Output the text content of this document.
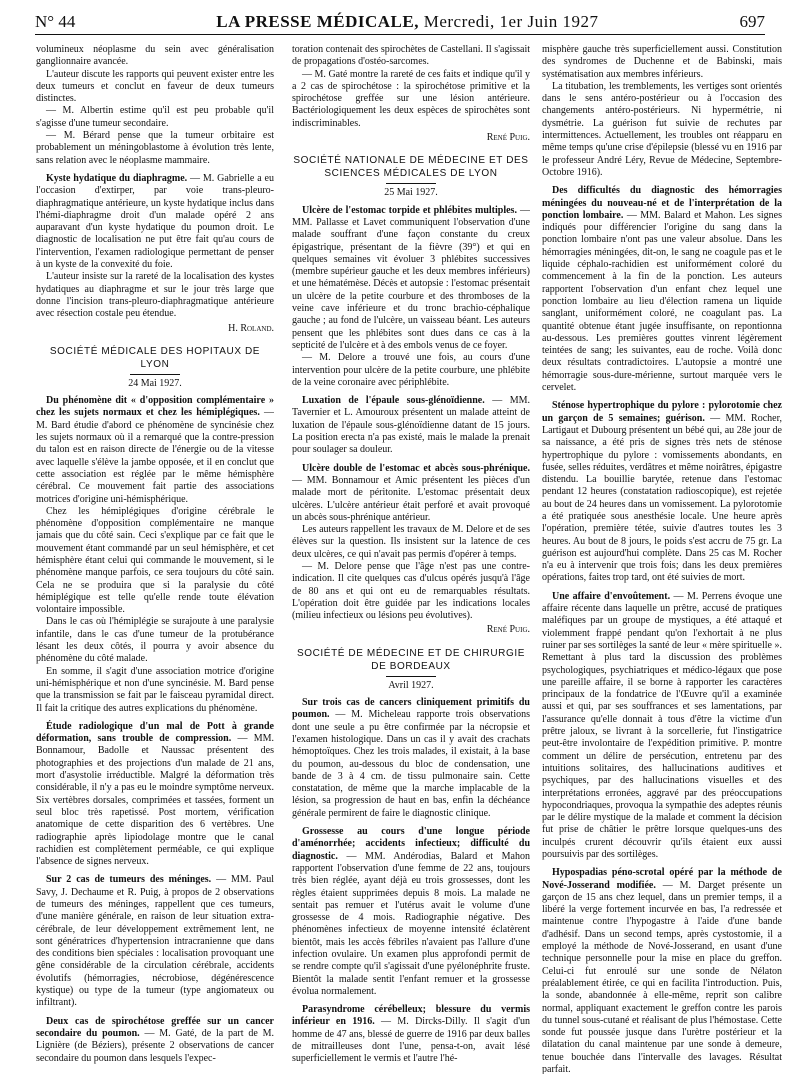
N° 44	LA PRESSE MÉDICALE, Mercredi, 1er Juin 1927	697

volumineux néoplasme du sein avec généralisation ganglionnaire avancée.

L'auteur discute les rapports qui peuvent exister entre les deux tumeurs et conclut en faveur de deux tumeurs distinctes.

— M. Albertin estime qu'il est peu probable qu'il s'agisse d'une tumeur secondaire.

— M. Bérard pense que la tumeur orbitaire est probablement un méningoblastome à évolution très lente, sans relation avec le néoplasme mammaire.

Kyste hydatique du diaphragme. — M. Gabrielle a eu l'occasion d'extirper, par voie trans-pleuro-diaphragmatique antérieure, un kyste hydatique inclus dans l'hémi-diaphragme droit d'un malade opéré 2 ans auparavant d'un kyste hydatique du poumon droit. Le diagnostic de localisation ne put être fait qu'au cours de l'intervention, l'examen radiologique permettant de penser à un kyste de la convexité du foie.

L'auteur insiste sur la rareté de la localisation des kystes hydatiques au diaphragme et sur le jour très large que donne l'incision trans-pleuro-diaphragmatique antérieure avec résection costale peu étendue.

H. Roland.

SOCIÉTÉ MÉDICALE DES HOPITAUX DE LYON
24 Mai 1927.

Du phénomène dit « d'opposition complémentaire » chez les sujets normaux et chez les hémiplégiques. — M. Bard étudie d'abord ce phénomène de syncinésie chez les sujets normaux où il a remarqué que la contre-pression du talon est en raison directe de l'énergie ou de la vitesse avec laquelle s'élève la jambe opposée, et il en conclut que cette association est réglée par le même hémisphère cérébral. Ce mouvement fait partie des associations motrices d'origine uni-hémisphérique.

Chez les hémiplégiques d'origine cérébrale le phénomène d'opposition complémentaire ne manque jamais que du côté sain. Ceci s'explique par ce fait que le mouvement étant commandé par un seul hémisphère, et cet hémisphère étant celui qui commande le mouvement, si le phénomène manque parfois, ce sera toujours du côté sain. Cela ne se produira que si la paralysie du côté hémiplégique est telle qu'elle rende toute élévation volontaire impossible.

Dans le cas où l'hémiplégie se surajoute à une paralysie infantile, dans le cas d'une tumeur de la protubérance lésant les deux côtés, il pourra y avoir absence du phénomène du côté malade.

En somme, il s'agit d'une association motrice d'origine uni-hémisphérique et non d'une syncinésie. M. Bard pense que la transmission se fait par le faisceau pyramidal direct. Il fait la critique des autres explications du phénomène.

Étude radiologique d'un mal de Pott à grande déformation, sans trouble de compression. — MM. Bonnamour, Badolle et Naussac présentent des photographies et des projections d'un malade de 21 ans, mort d'asystolie irréductible. Malgré la déformation très considérable, il n'y a pas eu le moindre symptôme nerveux. Six vertèbres dorsales, comprimées et tassées, forment un seul bloc très rapetissé. Post mortem, vérification anatomique de cette disparition des 6 vertèbres. Une radiographie après lipiodolage montre que le canal rachidien est complètement perméable, ce qui explique l'absence de signes nerveux.

Sur 2 cas de tumeurs des méninges. — MM. Paul Savy, J. Dechaume et R. Puig, à propos de 2 observations de tumeurs des méninges, rappellent que ces tumeurs, d'une manière générale, en raison de leur situation extra-cérébrale, de leur développement extrêmement lent, ne sont génératrices d'hypertension intracranienne que dans des conditions bien spéciales : localisation provoquant une gêne considérable de la circulation cérébrale, accidents évolutifs (hémorragies, nécrobiose, dégénérescence kystique) ou type de la tumeur (type angiomateux ou infiltrant).

Deux cas de spirochétose greffée sur un cancer secondaire du poumon. — M. Gaté, de la part de M. Lignière (de Béziers), présente 2 observations de cancer secondaire du poumon dans lesquels l'expec-

toration contenait des spirochètes de Castellani. Il s'agissait de propagations d'ostéo-sarcomes.

— M. Gaté montre la rareté de ces faits et indique qu'il y a 2 cas de spirochétose : la spirochétose primitive et la spirochétose greffée sur une lésion antérieure. Bactériologiquement les deux espèces de spirochètes sont indiscriminables.

René Puig.

SOCIÉTÉ NATIONALE DE MÉDECINE ET DES SCIENCES MÉDICALES DE LYON
25 Mai 1927.

Ulcère de l'estomac torpide et phlébites multiples. — MM. Pallasse et Lavet communiquent l'observation d'une malade souffrant d'une façon constante du creux épigastrique, présentant de la fièvre (39°) et qui en quelques semaines vit évoluer 3 phlébites successives (membre supérieur gauche et les deux membres inférieurs) et une hématémèse. Décès et autopsie : l'estomac présentait un ulcère de la petite courbure et des thromboses de la veine cave inférieure et du tronc brachio-céphalique gauche ; au fond de l'ulcère, un vaisseau béant. Les auteurs pensent que les phlébites sont dues dans ce cas à la septicité de l'ulcère et à des embols venus de ce foyer.

— M. Delore a trouvé une fois, au cours d'une intervention pour ulcère de la petite courbure, une phlébite de la veine coronaire avec périphlébite.

Luxation de l'épaule sous-glénoïdienne. — MM. Tavernier et L. Amouroux présentent un malade atteint de luxation de l'épaule sous-glénoïdienne datant de 15 jours. La position erecta n'a pas existé, mais le malade la prenait pour soulager sa douleur.

Ulcère double de l'estomac et abcès sous-phrénique. — MM. Bonnamour et Amic présentent les pièces d'un malade mort de péritonite. L'estomac présentait deux ulcères. L'ulcère antérieur était perforé et avait provoqué un abcès sous-phrénique antérieur.

Les auteurs rappellent les travaux de M. Delore et de ses élèves sur la question. Ils insistent sur la latence de ces deux ulcères, ce qui n'avait pas permis d'opérer à temps.

— M. Delore pense que l'âge n'est pas une contre-indication. Il cite quelques cas d'ulcus opérés jusqu'à l'âge de 80 ans et qui ont eu de remarquables résultats. L'opération doit être guidée par les indications locales (milieu infectieux ou lésions peu évolutives).

René Puig.

SOCIÉTÉ DE MÉDECINE ET DE CHIRURGIE DE BORDEAUX
Avril 1927.

Sur trois cas de cancers cliniquement primitifs du poumon. — M. Micheleau rapporte trois observations dont une seule a pu être confirmée par la nécropsie et l'examen histologique. Dans un cas il y avait des crachats hémoptoïques. Chez les trois malades, il existait, à la base du poumon, au-dessous du bloc de condensation, une bande de 3 à 4 cm. de tissu pulmonaire sain. Cette constatation, de même que la marche implacable de la lésion, sa progression de haut en bas, enfin la déchéance générale permirent de faire le diagnostic clinique.

Grossesse au cours d'une longue période d'aménorrhée; accidents infectieux; difficulté du diagnostic. — MM. Andérodias, Balard et Mahon rapportent l'observation d'une femme de 22 ans, toujours très bien réglée, ayant déjà eu trois grossesses, dont les règles étaient supprimées depuis 8 mois. La malade ne sentait pas remuer et l'utérus avait le volume d'une grossesse de 4 mois. Radiographie négative. Des phénomènes infectieux de moyenne intensité éclatèrent bientôt, mais les accès fébriles n'avaient pas l'allure d'une infection ovulaire. Un examen plus approfondi permit de se rendre compte qu'il s'agissait d'une pyélonéphrite fruste. Bientôt la malade sentit l'enfant remuer et la grossesse évolua normalement.

Parasyndrome cérébelleux; blessure du vermis inférieur en 1916. — M. Dircks-Dilly. Il s'agit d'un homme de 47 ans, blessé de guerre de 1916 par deux balles de mitrailleuses dont l'une, pensa-t-on, avait lésé superficiellement le vermis et l'autre l'hé-

misphère gauche très superficiellement aussi. Constitution des syndromes de Duchenne et de Babinski, mais systématisation aux membres inférieurs.

La titubation, les tremblements, les vertiges sont orientés dans le sens antéro-postérieur ou à l'occasion des changements antéro-postérieurs. Ni hypermétrie, ni dysmétrie. La guérison fut suivie de rechutes par intermittences. Actuellement, les troubles ont réapparu en même temps qu'une crise d'épilepsie (blessé vu en 1916 par le professeur André Léry, Revue de Médecine, Septembre-Octobre 1916).

Des difficultés du diagnostic des hémorragies méningées du nouveau-né et de l'interprétation de la ponction lombaire. — MM. Balard et Mahon. Les signes indiqués pour différencier l'origine du sang dans la ponction lombaire n'ont pas une valeur absolue. Dans les hémorragies méningées, dit-on, le sang ne coagule pas et le liquide céphalo-rachidien est uniformément coloré du commencement à la fin de la ponction. Les auteurs rapportent l'observation d'un enfant chez lequel une ponction lombaire au lieu d'élection ramena un liquide sanglant, uniformément coloré, ne coagulant pas. La quantité obtenue étant jugée insuffisante, on repontionna au-dessous. Les premières gouttes vinrent légèrement teintées de sang; les suivantes, eau de roche. Voilà donc deux résultats contradictoires. L'autopsie a montré une hémorragie sous-dure-mérienne, surtout marquée vers le cervelet.

Sténose hypertrophique du pylore : pylorotomie chez un garçon de 5 semaines; guérison. — MM. Rocher, Lartigaut et Dubourg présentent un bébé qui, au 28e jour de sa naissance, a été pris de signes très nets de sténose hypertrophique du pylore : vomissements abondants, en fusée, selles réduites, verdâtres et même noirâtres, épigastre distendu. La bouillie barytée, retenue dans l'estomac pendant 12 heures (constatation radioscopique), est rejetée au bout de 24 heures dans un vomissement. La pylorotomie a été pratiquée sous anesthésie locale. Une heure après l'opération, première tétée, suivie d'autres toutes les 3 heures. Au bout de 8 jours, le poids s'est accru de 75 gr. La guérison est aujourd'hui complète. Dans 25 cas M. Rocher n'a eu à intervenir que trois fois; dans les deux premières opérations, faites trop tard, ont été suivies de mort.

Une affaire d'envoûtement. — M. Perrens évoque une affaire récente dans laquelle un prêtre, accusé de pratiques maléfiques par un groupe de mystiques, a été attaqué et violemment frappé pendant qu'on l'exhortait à ne plus ruiner par ses sortilèges la santé de leur « mère spirituelle ». Remettant à plus tard la discussion des problèmes psychologiques, psychiatriques et médico-légaux que pose une pareille affaire, il se borne à rapporter les caractères principaux de la fondatrice de l'Œuvre qu'il a examinée aussi et qui, par ses souffrances et ses lamentations, par l'assurance qu'elle donnait à tous d'être la victime d'un prêtre jaloux, se livrant à la sorcellerie, fut l'instigatrice peut-être involontaire de l'expédition primitive. P. montre comment un délire de persécution, entretenu par des intuitions solitaires, des hallucinations auditives et psychiques, par des hallucinations visuelles et des interprétations erronées, aggravé par des préoccupations hypocondriaques, provoqua la sympathie des adeptes réunis par le délire mystique de la malade et comment la décision fut prise de châtier le prêtre lorsque quelques-uns des inculpés crurent découvrir qu'ils étaient eux aussi poursuivis par des sortilèges.

Hypospadias péno-scrotal opéré par la méthode de Nové-Josserand modifiée. — M. Darget présente un garçon de 15 ans chez lequel, dans un premier temps, il a libéré la verge fortement incurvée en bas, l'a redressée et maintenue contre l'hypogastre à l'aide d'une bande d'adhésif. Dans un second temps, après cystostomie, il a employé la méthode de Nové-Josserand, en usant d'une technique personnelle pour la mise en place du greffon. Celui-ci fut enroulé sur une sonde de Nélaton préalablement étirée, ce qui en facilita l'introduction. Puis, la sonde, abandonnée à elle-même, reprit son calibre normal, appliquant exactement le greffon contre les parois du tunnel sous-cutané et réalisant de plus l'hémostase. Cette sonde fut poussée jusque dans l'urètre postérieur et la dilatation du canal maintenue par une sonde à demeure, tenue bouchée dans l'intervalle des lavages. Résultat parfait.
